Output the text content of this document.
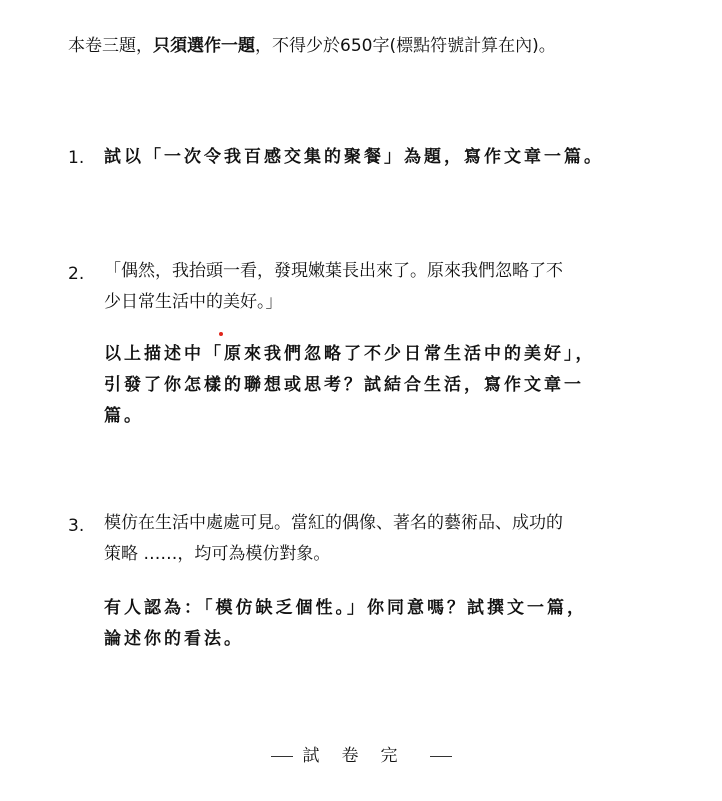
本卷三題，只須選作一題，不得少於650字(標點符號計算在內)。
1. 試以「一次令我百感交集的聚餐」為題，寫作文章一篇。
2. 「偶然，我抬頭一看，發現嫩葉長出來了。原來我們忽略了不
少日常生活中的美好。」
以上描述中「原來我們忽略了不少日常生活中的美好」，
引發了你怎樣的聯想或思考？試結合生活，寫作文章一
篇。
3. 模仿在生活中處處可見。當紅的偶像、著名的藝術品、成功的
策略 ……，均可為模仿對象。
有人認為：「模仿缺乏個性。」你同意嗎？試撰文一篇，
論述你的看法。
試卷完
